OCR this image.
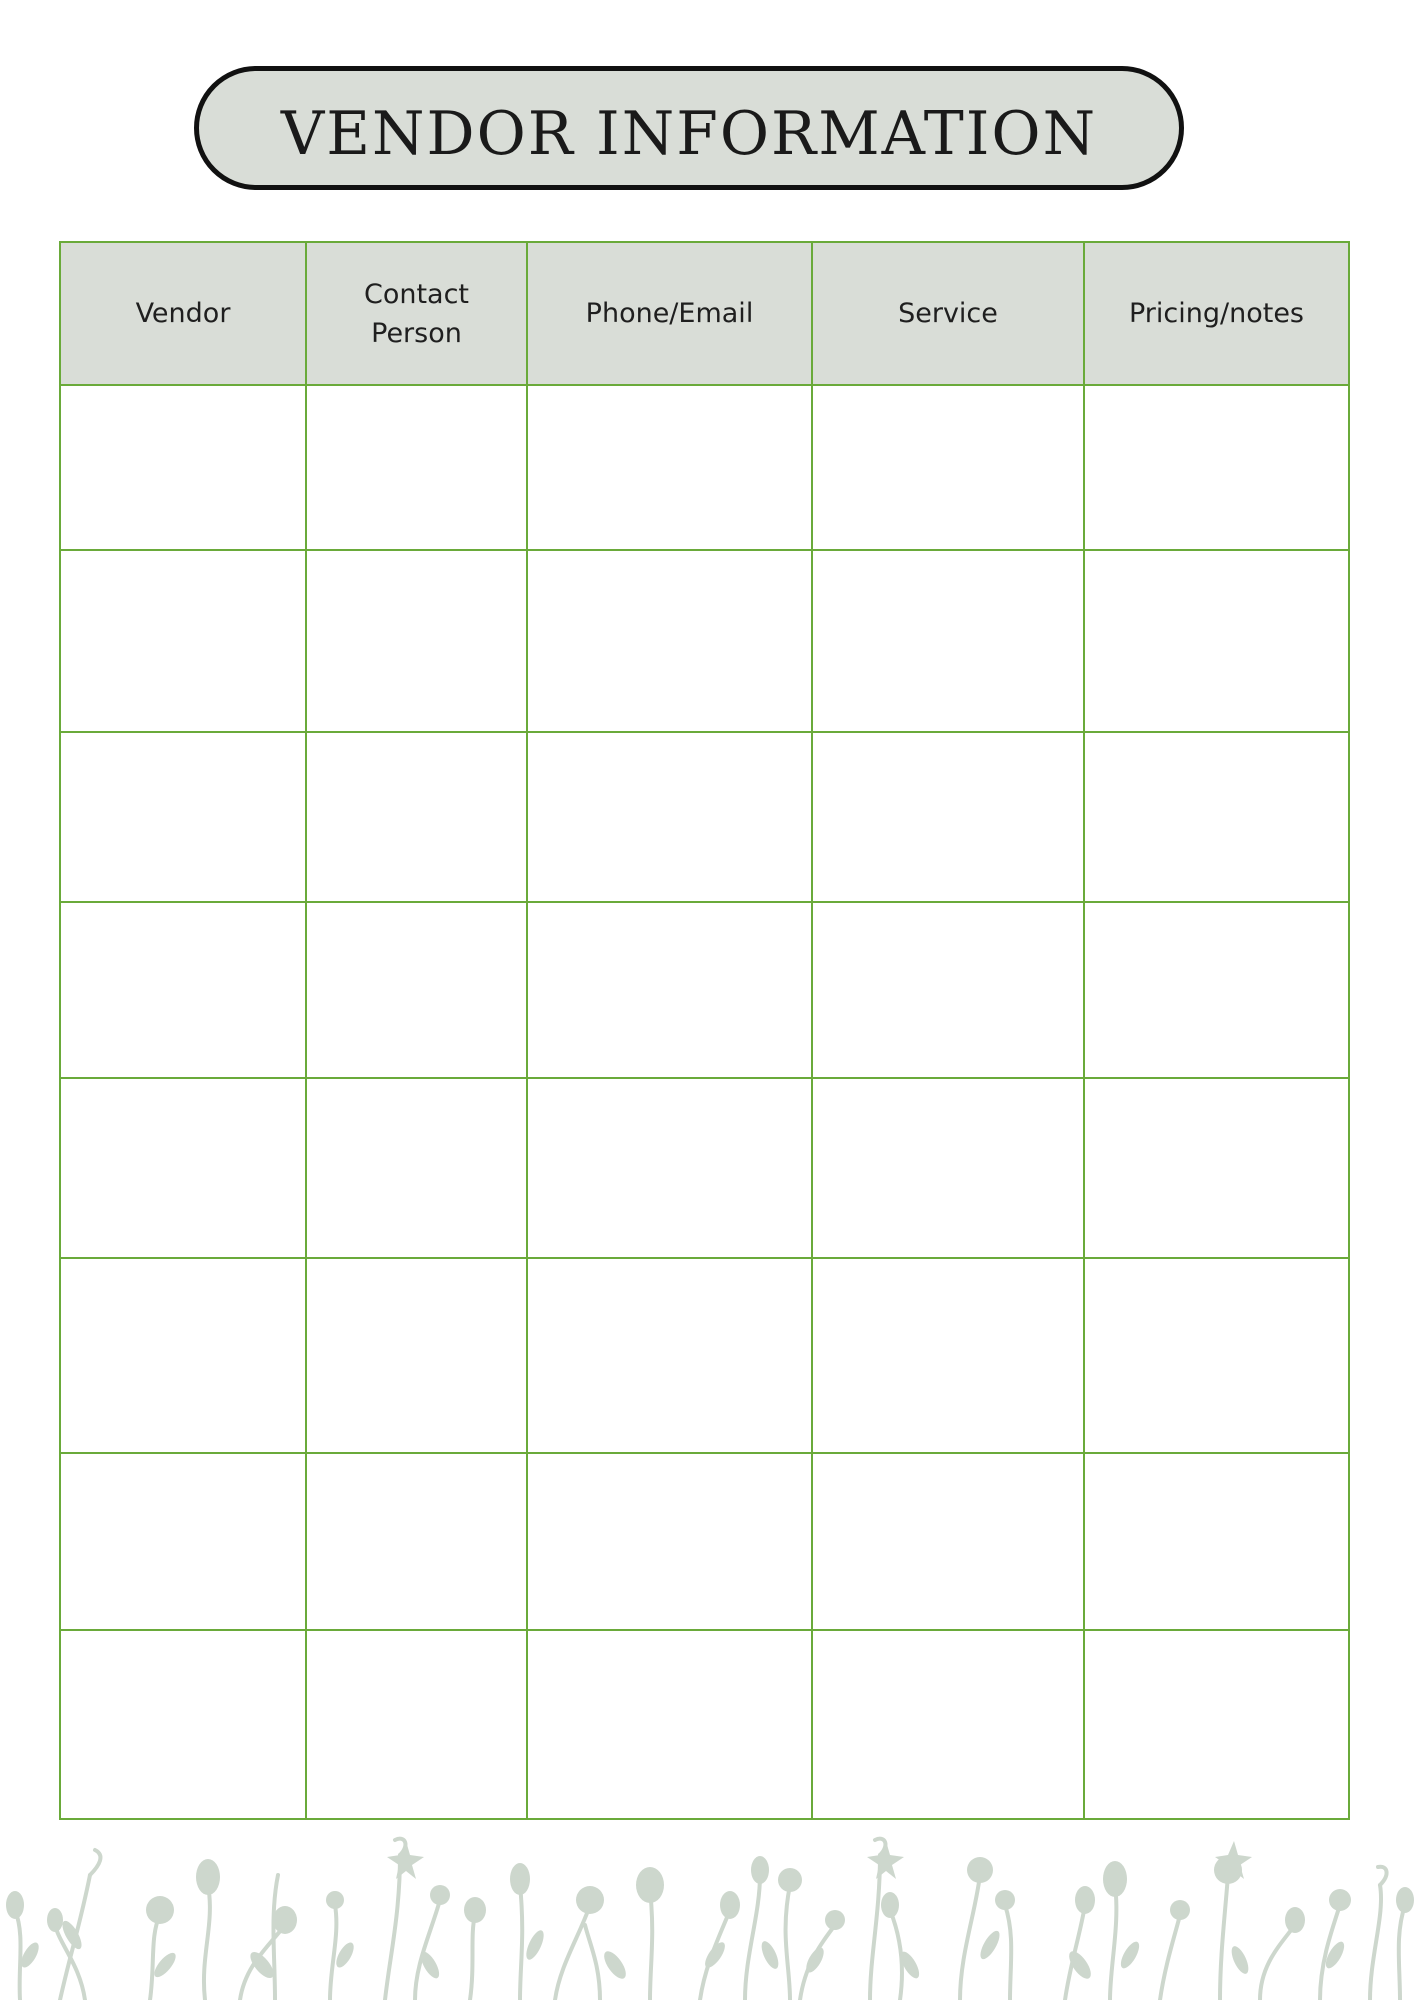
VENDOR INFORMATION
Vendor	Contact Person	Phone/Email	Service	Pricing/notes
